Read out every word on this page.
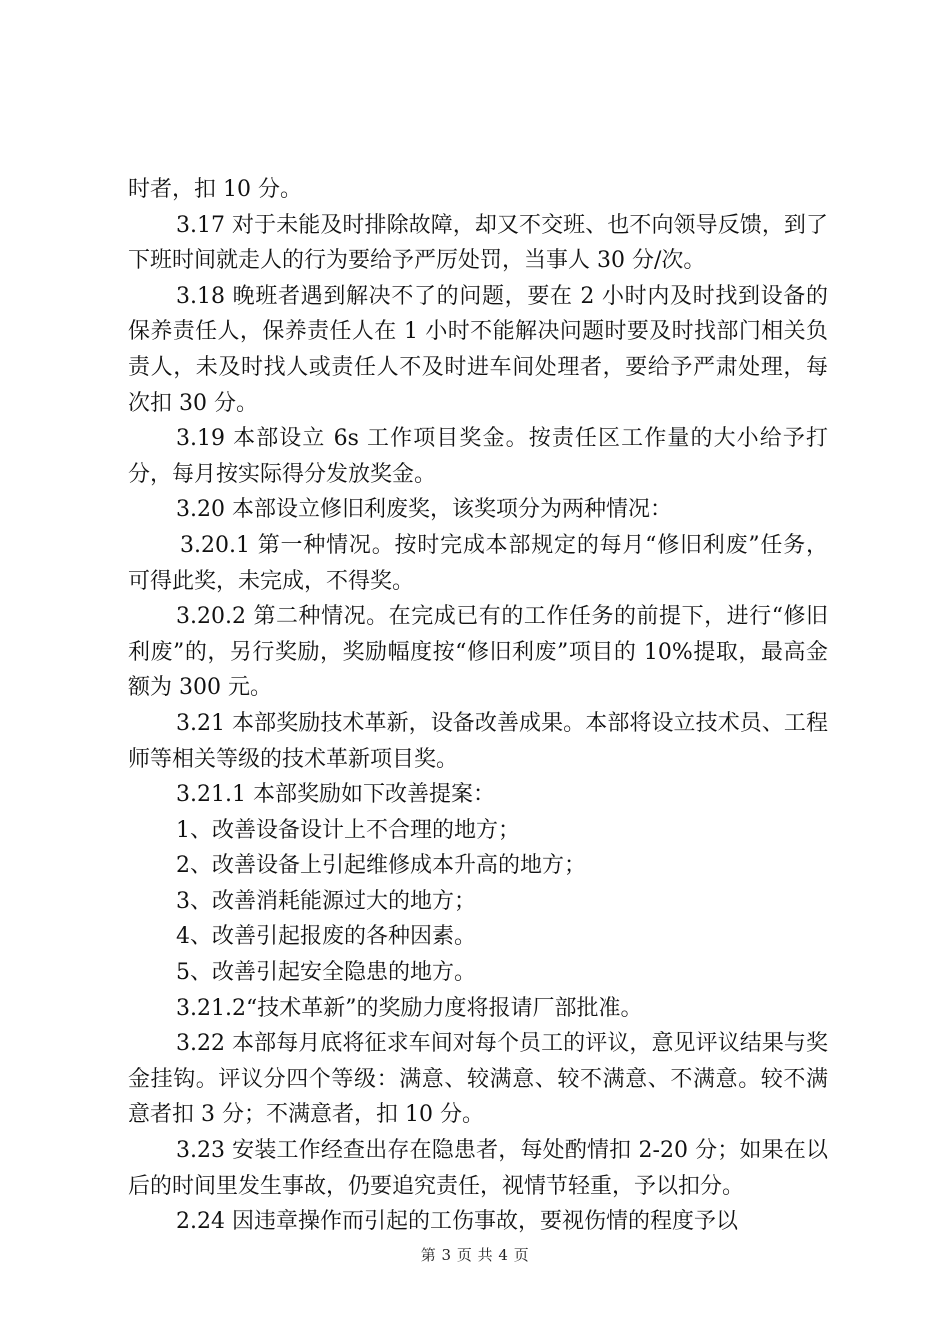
时者，扣 10 分。

3.17 对于未能及时排除故障，却又不交班、也不向领导反馈，到了下班时间就走人的行为要给予严厉处罚，当事人 30 分/次。

3.18 晚班者遇到解决不了的问题，要在 2 小时内及时找到设备的保养责任人，保养责任人在 1 小时不能解决问题时要及时找部门相关负责人，未及时找人或责任人不及时进车间处理者，要给予严肃处理，每次扣 30 分。

3.19 本部设立 6s 工作项目奖金。按责任区工作量的大小给予打分，每月按实际得分发放奖金。

3.20 本部设立修旧利废奖，该奖项分为两种情况：

3.20.1 第一种情况。按时完成本部规定的每月“修旧利废”任务，可得此奖，未完成，不得奖。

3.20.2 第二种情况。在完成已有的工作任务的前提下，进行“修旧利废”的，另行奖励，奖励幅度按“修旧利废”项目的 10%提取，最高金额为 300 元。

3.21 本部奖励技术革新，设备改善成果。本部将设立技术员、工程师等相关等级的技术革新项目奖。

3.21.1 本部奖励如下改善提案：

1、改善设备设计上不合理的地方；

2、改善设备上引起维修成本升高的地方；

3、改善消耗能源过大的地方；

4、改善引起报废的各种因素。

5、改善引起安全隐患的地方。

3.21.2“技术革新”的奖励力度将报请厂部批准。

3.22 本部每月底将征求车间对每个员工的评议，意见评议结果与奖金挂钩。评议分四个等级：满意、较满意、较不满意、不满意。较不满意者扣 3 分；不满意者，扣 10 分。

3.23 安装工作经查出存在隐患者，每处酌情扣 2-20 分；如果在以后的时间里发生事故，仍要追究责任，视情节轻重，予以扣分。

2.24 因违章操作而引起的工伤事故，要视伤情的程度予以

第 3 页 共 4 页
